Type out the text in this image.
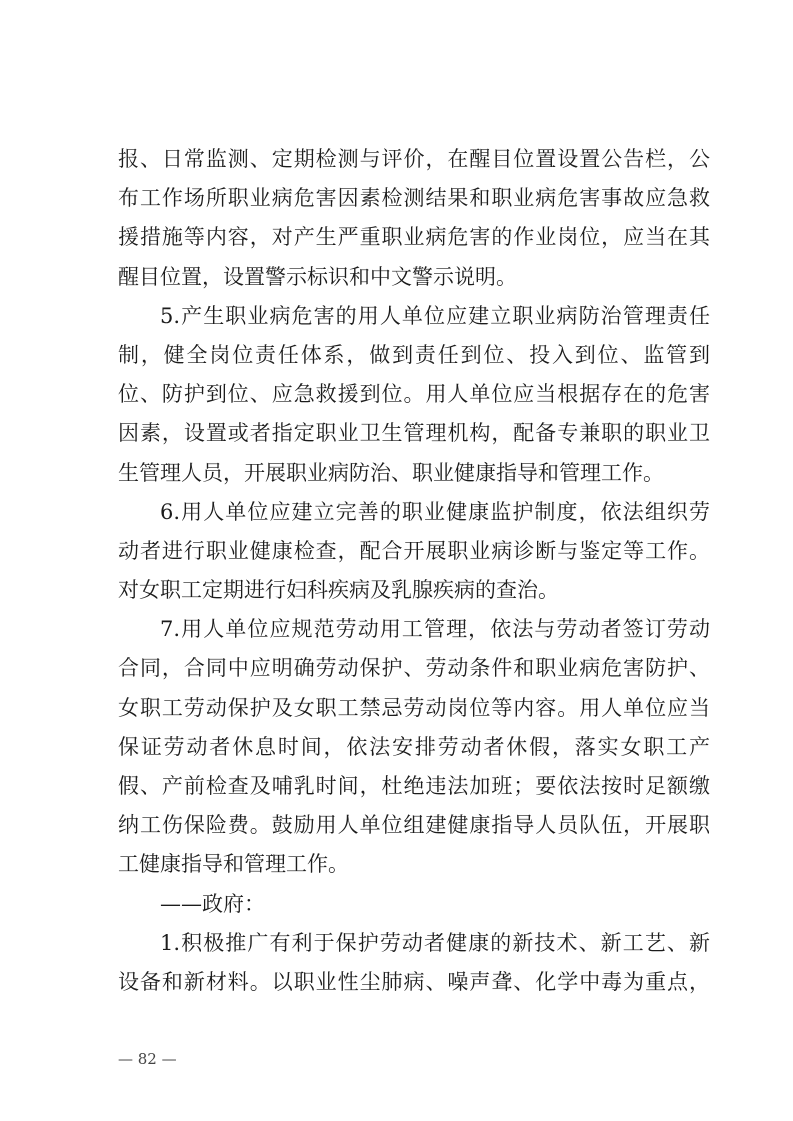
报、日常监测、定期检测与评价，在醒目位置设置公告栏，公
布工作场所职业病危害因素检测结果和职业病危害事故应急救
援措施等内容，对产生严重职业病危害的作业岗位，应当在其
醒目位置，设置警示标识和中文警示说明。
5.产生职业病危害的用人单位应建立职业病防治管理责任
制，健全岗位责任体系，做到责任到位、投入到位、监管到
位、防护到位、应急救援到位。用人单位应当根据存在的危害
因素，设置或者指定职业卫生管理机构，配备专兼职的职业卫
生管理人员，开展职业病防治、职业健康指导和管理工作。
6.用人单位应建立完善的职业健康监护制度，依法组织劳
动者进行职业健康检查，配合开展职业病诊断与鉴定等工作。
对女职工定期进行妇科疾病及乳腺疾病的查治。
7.用人单位应规范劳动用工管理，依法与劳动者签订劳动
合同，合同中应明确劳动保护、劳动条件和职业病危害防护、
女职工劳动保护及女职工禁忌劳动岗位等内容。用人单位应当
保证劳动者休息时间，依法安排劳动者休假，落实女职工产
假、产前检查及哺乳时间，杜绝违法加班；要依法按时足额缴
纳工伤保险费。鼓励用人单位组建健康指导人员队伍，开展职
工健康指导和管理工作。
——政府：
1.积极推广有利于保护劳动者健康的新技术、新工艺、新
设备和新材料。以职业性尘肺病、噪声聋、化学中毒为重点，
— 82 —
